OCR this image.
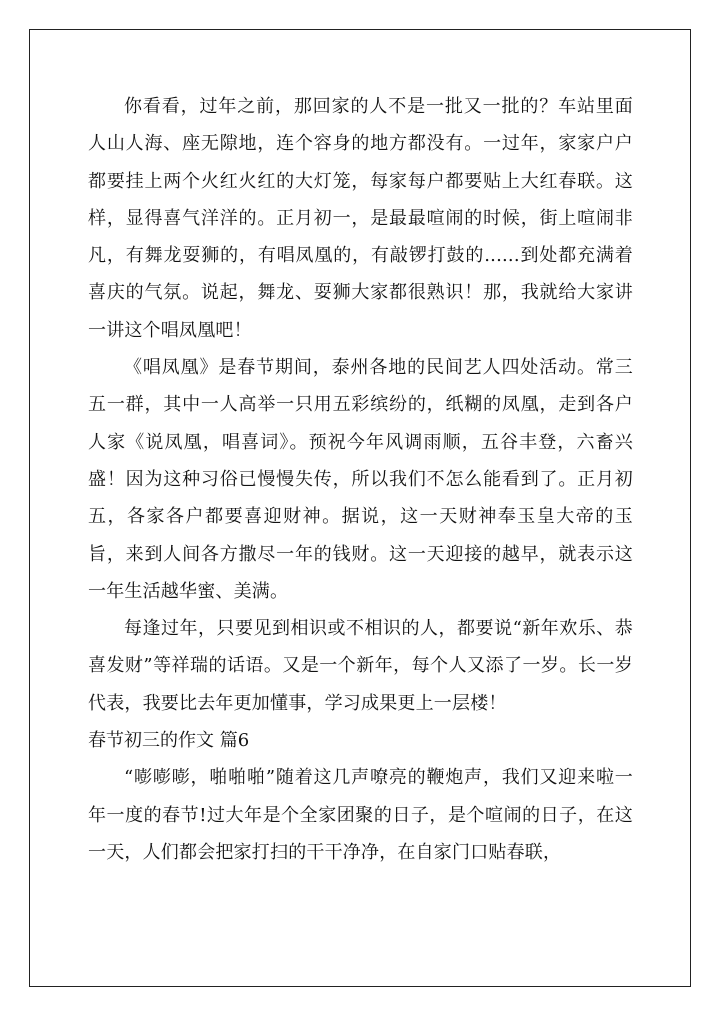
你看看，过年之前，那回家的人不是一批又一批的？车站里面人山人海、座无隙地，连个容身的地方都没有。一过年，家家户户都要挂上两个火红火红的大灯笼，每家每户都要贴上大红春联。这样，显得喜气洋洋的。正月初一，是最最喧闹的时候，街上喧闹非凡，有舞龙耍狮的，有唱凤凰的，有敲锣打鼓的......到处都充满着喜庆的气氛。说起，舞龙、耍狮大家都很熟识！那，我就给大家讲一讲这个唱凤凰吧！

《唱凤凰》是春节期间，泰州各地的民间艺人四处活动。常三五一群，其中一人高举一只用五彩缤纷的，纸糊的凤凰，走到各户人家《说凤凰，唱喜词》。预祝今年风调雨顺，五谷丰登，六畜兴盛！因为这种习俗已慢慢失传，所以我们不怎么能看到了。正月初五，各家各户都要喜迎财神。据说，这一天财神奉玉皇大帝的玉旨，来到人间各方撒尽一年的钱财。这一天迎接的越早，就表示这一年生活越华蜜、美满。

每逢过年，只要见到相识或不相识的人，都要说“新年欢乐、恭喜发财”等祥瑞的话语。又是一个新年，每个人又添了一岁。长一岁代表，我要比去年更加懂事，学习成果更上一层楼！

春节初三的作文 篇6

“嘭嘭嘭，啪啪啪”随着这几声嘹亮的鞭炮声，我们又迎来啦一年一度的春节!过大年是个全家团聚的日子，是个喧闹的日子，在这一天，人们都会把家打扫的干干净净，在自家门口贴春联，
